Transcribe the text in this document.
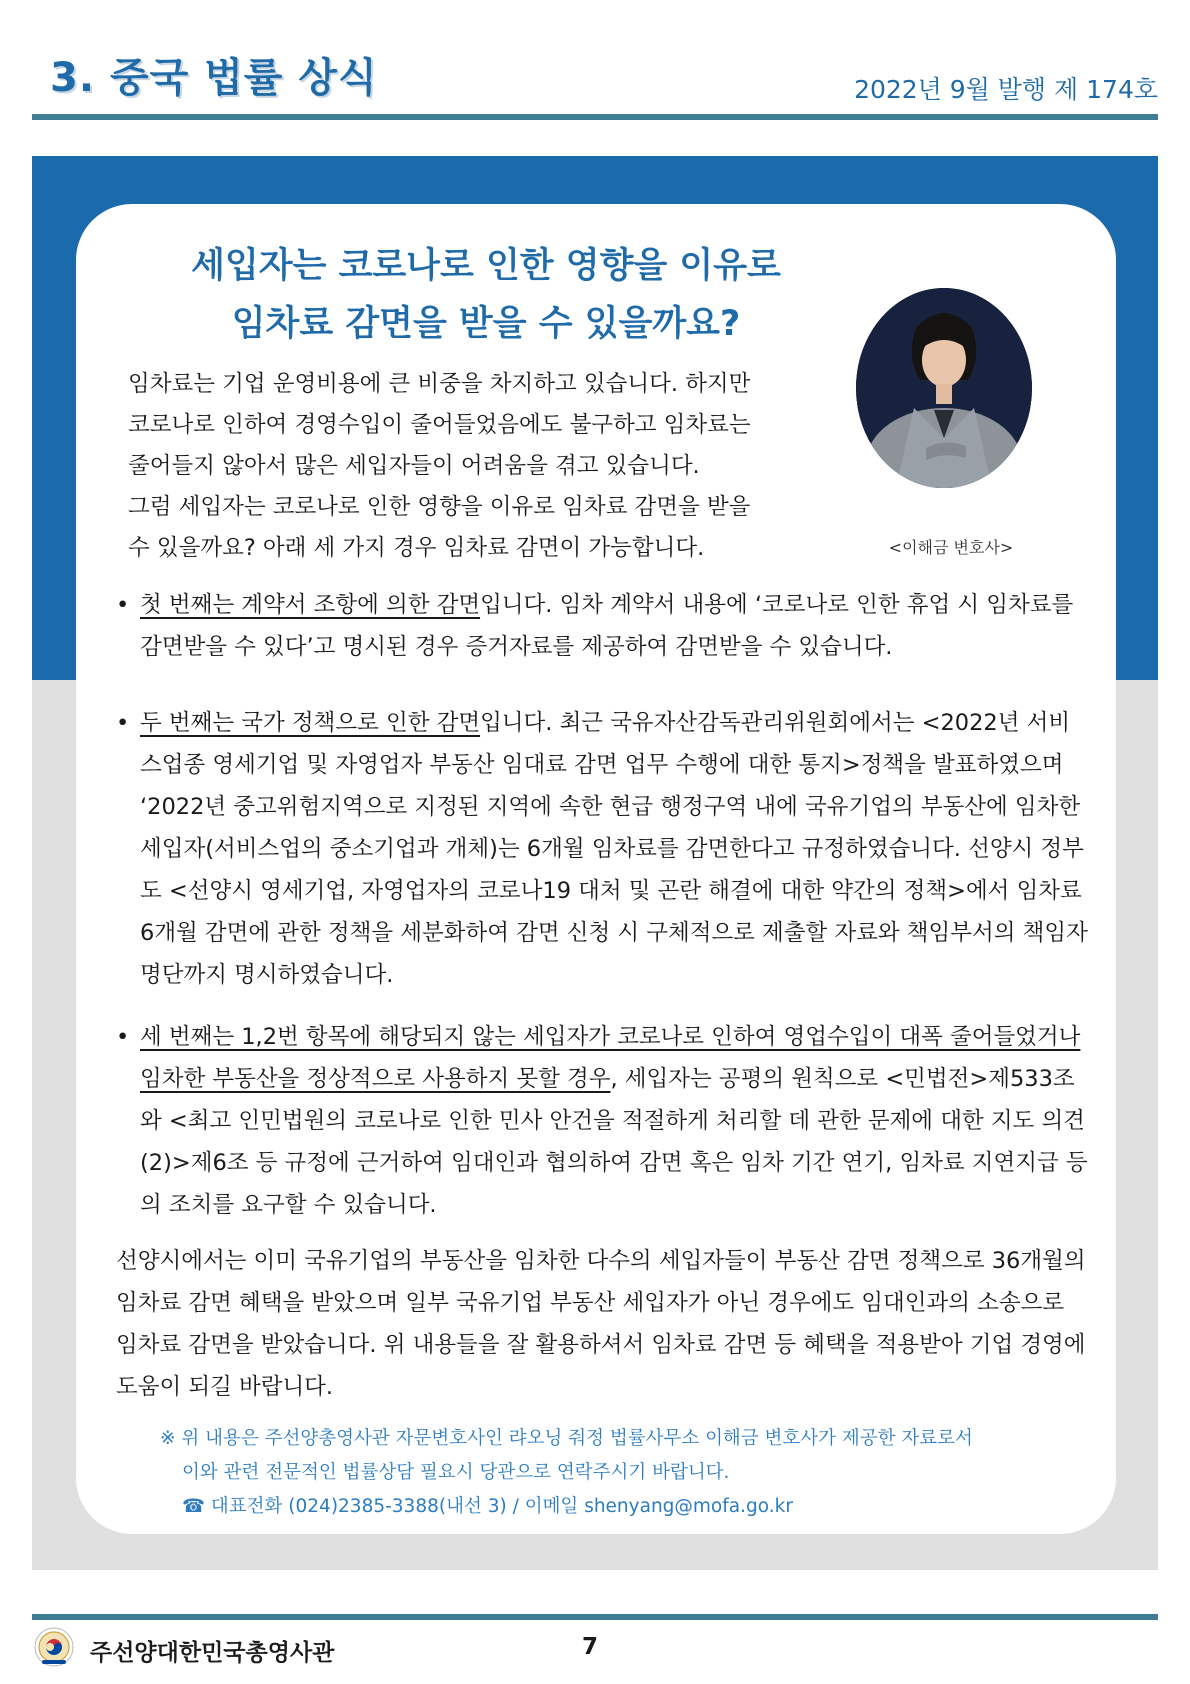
3. 중국 법률 상식	2022년 9월 발행 제 174호
세입자는 코로나로 인한 영향을 이유로
임차료 감면을 받을 수 있을까요?

임차료는 기업 운영비용에 큰 비중을 차지하고 있습니다. 하지만

코로나로 인하여 경영수입이 줄어들었음에도 불구하고 임차료는

줄어들지 않아서 많은 세입자들이 어려움을 겪고 있습니다.

그럼 세입자는 코로나로 인한 영향을 이유로 임차료 감면을 받을

수 있을까요? 아래 세 가지 경우 임차료 감면이 가능합니다.	<이해금 변호사>
• 첫 번째는 계약서 조항에 의한 감면입니다. 임차 계약서 내용에 ‘코로나로 인한 휴업 시 임차료를 감면받을 수 있다’고 명시된 경우 증거자료를 제공하여 감면받을 수 있습니다.
• 두 번째는 국가 정책으로 인한 감면입니다. 최근 국유자산감독관리위원회에서는 <2022년 서비스업종 영세기업 및 자영업자 부동산 임대료 감면 업무 수행에 대한 통지>정책을 발표하였으며 ‘2022년 중고위험지역으로 지정된 지역에 속한 현급 행정구역 내에 국유기업의 부동산에 임차한 세입자(서비스업의 중소기업과 개체)는 6개월 임차료를 감면한다고 규정하였습니다. 선양시 정부도 <선양시 영세기업, 자영업자의 코로나19 대처 및 곤란 해결에 대한 약간의 정책>에서 임차료 6개월 감면에 관한 정책을 세분화하여 감면 신청 시 구체적으로 제출할 자료와 책임부서의 책임자 명단까지 명시하였습니다.
• 세 번째는 1,2번 항목에 해당되지 않는 세입자가 코로나로 인하여 영업수입이 대폭 줄어들었거나 임차한 부동산을 정상적으로 사용하지 못할 경우, 세입자는 공평의 원칙으로 <민법전>제533조와 <최고 인민법원의 코로나로 인한 민사 안건을 적절하게 처리할 데 관한 문제에 대한 지도 의견(2)>제6조 등 규정에 근거하여 임대인과 협의하여 감면 혹은 임차 기간 연기, 임차료 지연지급 등의 조치를 요구할 수 있습니다.
선양시에서는 이미 국유기업의 부동산을 임차한 다수의 세입자들이 부동산 감면 정책으로 36개월의 임차료 감면 혜택을 받았으며 일부 국유기업 부동산 세입자가 아닌 경우에도 임대인과의 소송으로 임차료 감면을 받았습니다. 위 내용들을 잘 활용하셔서 임차료 감면 등 혜택을 적용받아 기업 경영에 도움이 되길 바랍니다.
※ 위 내용은 주선양총영사관 자문변호사인 랴오닝 줘정 법률사무소 이해금 변호사가 제공한 자료로서
이와 관련 전문적인 법률상담 필요시 당관으로 연락주시기 바랍니다.
☎ 대표전화 (024)2385-3388(내선 3) / 이메일 shenyang@mofa.go.kr
주선양대한민국총영사관	7
